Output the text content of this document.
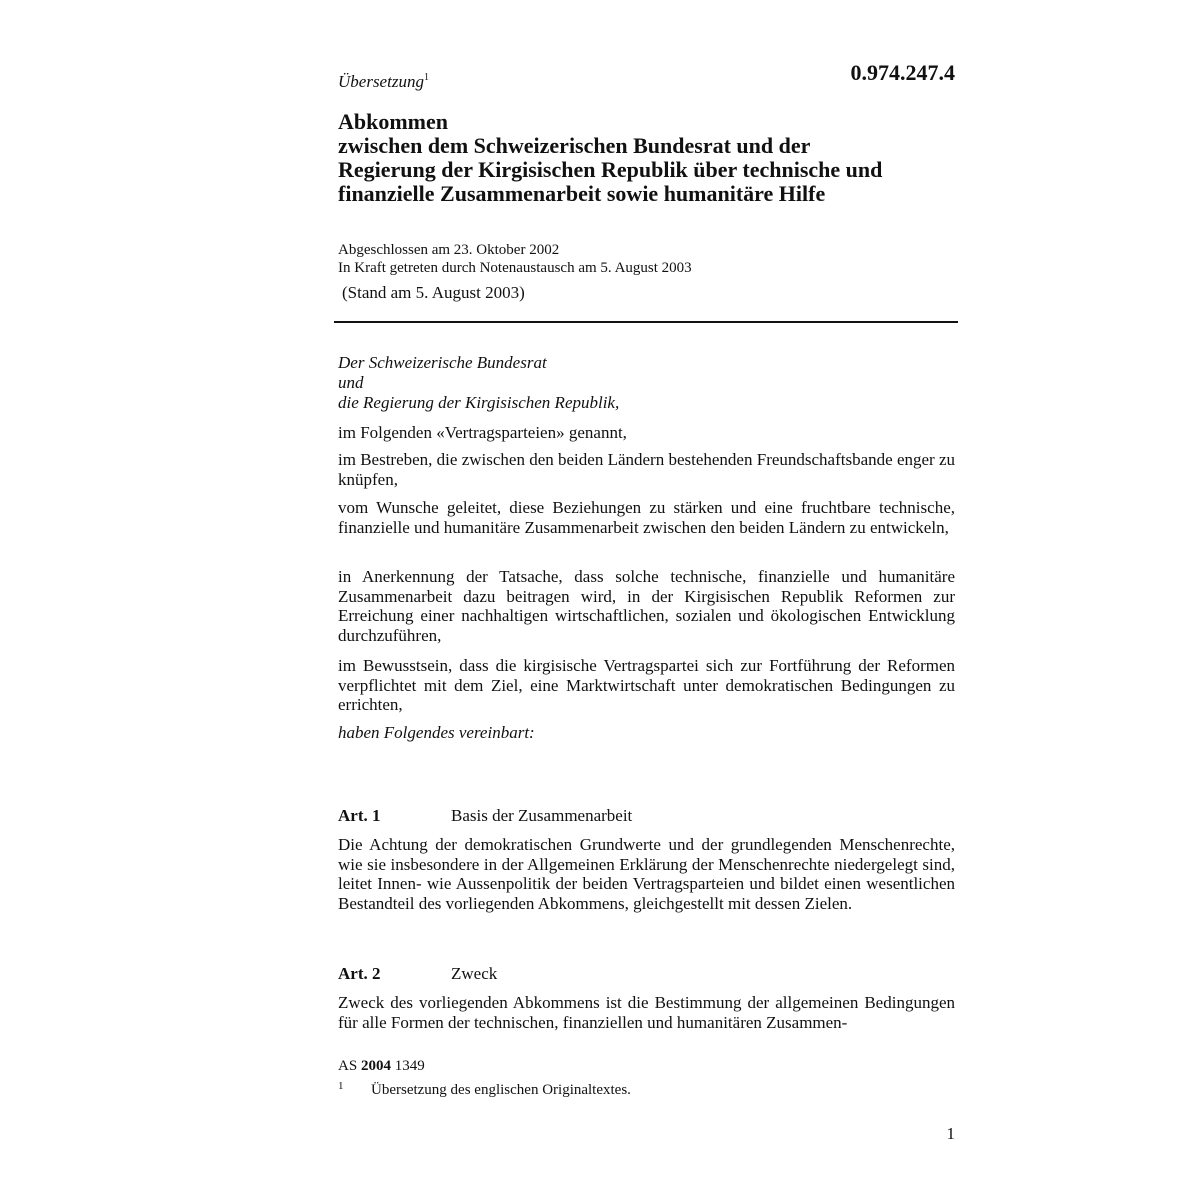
Übersetzung$^1$	0.974.247.4
Abkommen
zwischen dem Schweizerischen Bundesrat und der
Regierung der Kirgisischen Republik über technische und
finanzielle Zusammenarbeit sowie humanitäre Hilfe
Abgeschlossen am 23. Oktober 2002
In Kraft getreten durch Notenaustausch am 5. August 2003
(Stand am 5. August 2003)
Der Schweizerische Bundesrat
und
die Regierung der Kirgisischen Republik,
im Folgenden «Vertragsparteien» genannt,
im Bestreben, die zwischen den beiden Ländern bestehenden Freundschaftsbande enger zu knüpfen,
vom Wunsche geleitet, diese Beziehungen zu stärken und eine fruchtbare technische, finanzielle und humanitäre Zusammenarbeit zwischen den beiden Ländern zu entwickeln,
in Anerkennung der Tatsache, dass solche technische, finanzielle und humanitäre Zusammenarbeit dazu beitragen wird, in der Kirgisischen Republik Reformen zur Erreichung einer nachhaltigen wirtschaftlichen, sozialen und ökologischen Entwicklung durchzuführen,
im Bewusstsein, dass die kirgisische Vertragspartei sich zur Fortführung der Reformen verpflichtet mit dem Ziel, eine Marktwirtschaft unter demokratischen Bedingungen zu errichten,
haben Folgendes vereinbart:
Art. 1	Basis der Zusammenarbeit
Die Achtung der demokratischen Grundwerte und der grundlegenden Menschenrechte, wie sie insbesondere in der Allgemeinen Erklärung der Menschenrechte niedergelegt sind, leitet Innen- wie Aussenpolitik der beiden Vertragsparteien und bildet einen wesentlichen Bestandteil des vorliegenden Abkommens, gleichgestellt mit dessen Zielen.
Art. 2	Zweck
Zweck des vorliegenden Abkommens ist die Bestimmung der allgemeinen Bedingungen für alle Formen der technischen, finanziellen und humanitären Zusammen-
AS 2004 1349
1 Übersetzung des englischen Originaltextes.
1
